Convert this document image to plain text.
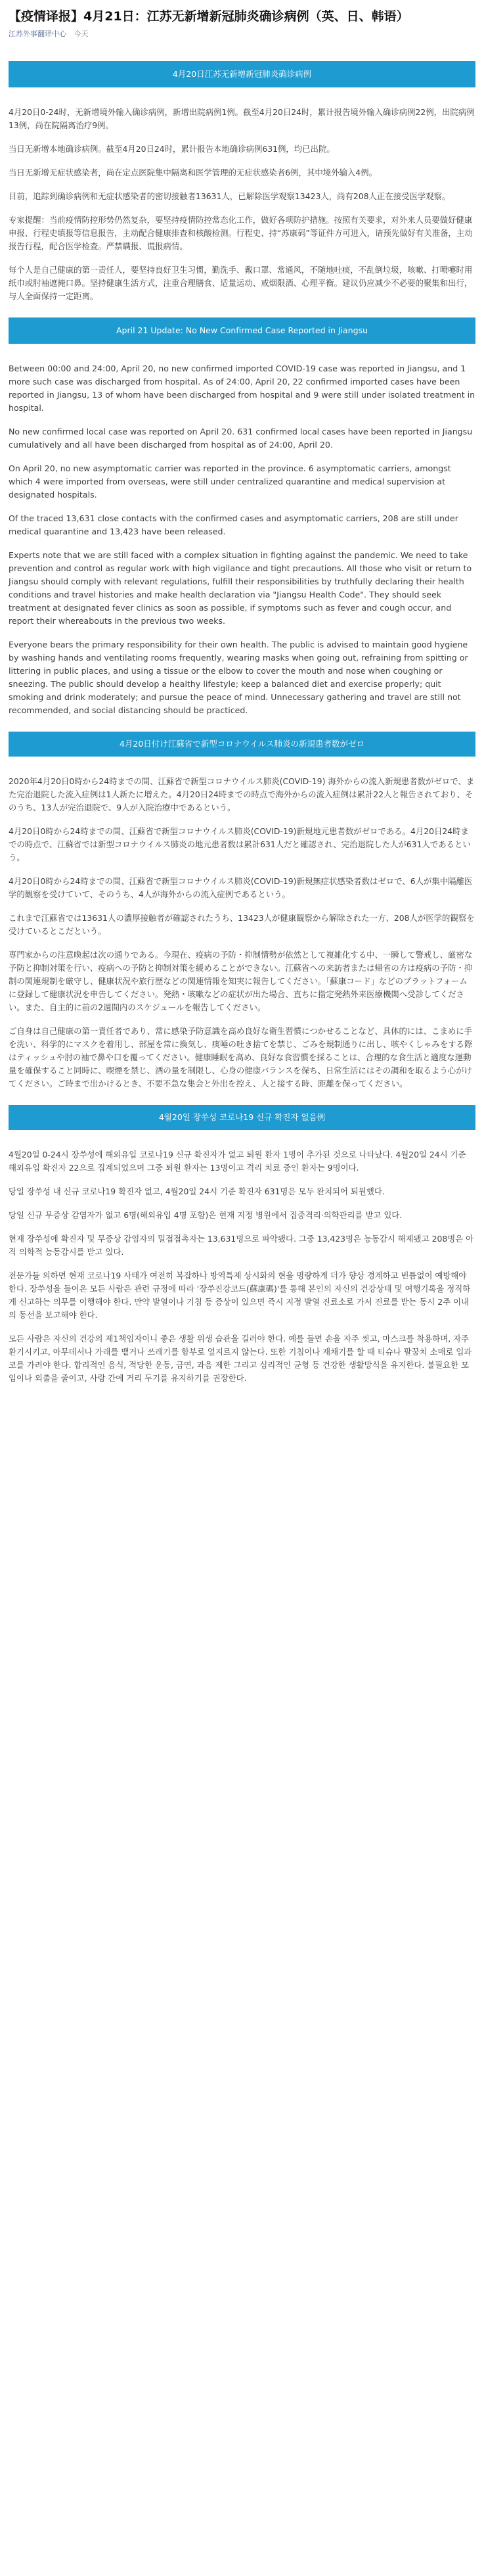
【疫情译报】4月21日：江苏无新增新冠肺炎确诊病例（英、日、韩语）
江苏外事翻译中心 今天
4月20日江苏无新增新冠肺炎确诊病例

4月20日0-24时，无新增境外输入确诊病例，新增出院病例1例。截至4月20日24时，累计报告境外输入确诊病例22例，出院病例13例，尚在院隔离治疗9例。

当日无新增本地确诊病例。截至4月20日24时，累计报告本地确诊病例631例，均已出院。

当日无新增无症状感染者，尚在定点医院集中隔离和医学管理的无症状感染者6例，其中境外输入4例。

目前，追踪到确诊病例和无症状感染者的密切接触者13631人，已解除医学观察13423人，尚有208人正在接受医学观察。

专家提醒：当前疫情防控形势仍然复杂，要坚持疫情防控常态化工作，做好各项防护措施。按照有关要求，对外来人员要做好健康申报、行程史填报等信息报告，主动配合健康排查和核酸检测。行程史、持“苏康码”等证件方可进入，请预先做好有关准备，主动报告行程，配合医学检查。严禁瞒报、谎报病情。

每个人是自己健康的第一责任人，要坚持良好卫生习惯，勤洗手、戴口罩、常通风，不随地吐痰，不乱倒垃圾，咳嗽、打喷嚏时用纸巾或肘袖遮掩口鼻。坚持健康生活方式，注重合理膳食、适量运动、戒烟限酒、心理平衡。建议仍应减少不必要的聚集和出行，与人全面保持一定距离。

April 21 Update: No New Confirmed Case Reported in Jiangsu

Between 00:00 and 24:00, April 20, no new confirmed imported COVID-19 case was reported in Jiangsu, and 1 more such case was discharged from hospital. As of 24:00, April 20, 22 confirmed imported cases have been reported in Jiangsu, 13 of whom have been discharged from hospital and 9 were still under isolated treatment in hospital.

No new confirmed local case was reported on April 20. 631 confirmed local cases have been reported in Jiangsu cumulatively and all have been discharged from hospital as of 24:00, April 20.

On April 20, no new asymptomatic carrier was reported in the province. 6 asymptomatic carriers, amongst which 4 were imported from overseas, were still under centralized quarantine and medical supervision at designated hospitals.

Of the traced 13,631 close contacts with the confirmed cases and asymptomatic carriers, 208 are still under medical quarantine and 13,423 have been released.

Experts note that we are still faced with a complex situation in fighting against the pandemic. We need to take prevention and control as regular work with high vigilance and tight precautions. All those who visit or return to Jiangsu should comply with relevant regulations, fulfill their responsibilities by truthfully declaring their health conditions and travel histories and make health declaration via "Jiangsu Health Code". They should seek treatment at designated fever clinics as soon as possible, if symptoms such as fever and cough occur, and report their whereabouts in the previous two weeks.

Everyone bears the primary responsibility for their own health. The public is advised to maintain good hygiene by washing hands and ventilating rooms frequently, wearing masks when going out, refraining from spitting or littering in public places, and using a tissue or the elbow to cover the mouth and nose when coughing or sneezing. The public should develop a healthy lifestyle; keep a balanced diet and exercise properly; quit smoking and drink moderately; and pursue the peace of mind. Unnecessary gathering and travel are still not recommended, and social distancing should be practiced.

4月20日付け江蘇省で新型コロナウイルス肺炎の新規患者数がゼロ

2020年4月20日0時から24時までの間、江蘇省で新型コロナウイルス肺炎(COVID-19) 海外からの流入新規患者数がゼロで、また完治退院した流入症例は1人新たに増えた。4月20日24時までの時点で海外からの流入症例は累計22人と報告されており、そのうち、13人が完治退院で、9人が入院治療中であるという。

4月20日0時から24時までの間、江蘇省で新型コロナウイルス肺炎(COVID-19)新規地元患者数がゼロである。4月20日24時までの時点で、江蘇省では新型コロナウイルス肺炎の地元患者数は累計631人だと確認され、完治退院した人が631人であるという。

4月20日0時から24時までの間、江蘇省で新型コロナウイルス肺炎(COVID-19)新規無症状感染者数はゼロで、6人が集中隔離医学的観察を受けていて、そのうち、4人が海外からの流入症例であるという。

これまで江蘇省では13631人の濃厚接触者が確認されたうち、13423人が健康観察から解除された一方、208人が医学的観察を受けているとこだという。

専門家からの注意喚起は次の通りである。今現在、疫病の予防・抑制情勢が依然として複雑化する中、一瞬して警戒し、厳密な予防と抑制対策を行い、疫病への予防と抑制対策を緩めることができない。江蘇省への来訪者または帰省の方は疫病の予防・抑制の関連規制を厳守し、健康状況や旅行歴などの関連情報を知実に報告してください。「蘇康コード」などのプラットフォームに登録して健康状況を申告してください。発熱・咳嗽などの症状が出た場合、直ちに指定発熱外来医療機関へ受診してください。また、自主的に前の2週間内のスケジュールを報告してください。

ご自身は自己健康の第一責任者であり、常に感染予防意識を高め良好な衛生習慣につかせることなど、具体的には、こまめに手を洗い、科学的にマスクを着用し、部屋を常に換気し、痰唾の吐き捨てを禁じ、ごみを規制通りに出し、咳やくしゃみをする際はティッシュや肘の袖で鼻や口を覆ってください。健康睡眠を高め、良好な食習慣を採ることは、合理的な食生活と適度な運動量を確保すること同時に、喫煙を禁じ、酒の量を制限し、心身の健康バランスを保ち、日常生活にはその調和を取るよう心がけてください。ご時まで出かけるとき、不要不急な集会と外出を控え、人と接する時、距離を保ってください。

4월20일 장쑤성 코로나19 신규 확진자 없음例

4월20일 0-24시 장쑤성에 해외유입 코로나19 신규 확진자가 없고 퇴원 환자 1명이 추가된 것으로 나타났다. 4월20일 24시 기준 해외유입 확진자 22으로 집계되었으며 그중 퇴원 환자는 13명이고 격리 치료 중인 환자는 9명이다.

당일 장쑤성 내 신규 코로나19 확진자 없고, 4월20일 24시 기준 확진자 631명은 모두 완치되어 퇴원했다.

당일 신규 무증상 감염자가 없고 6명(해외유입 4명 포함)은 현재 지정 병원에서 집중격리·의학관리를 받고 있다.

현재 장쑤성에 확진자 및 무증상 감염자의 밀접접촉자는 13,631명으로 파악됐다. 그중 13,423명은 능동감시 해제됐고 208명은 아직 의학적 능동감시를 받고 있다.

전문가들 의하면 현재 코로나19 사태가 여전히 복잡하나 방역특제 상시화의 현을 명량하게 더가 향상 경계하고 빈틈없이 예방해야 한다. 장쑤성을 들어온 모든 사람은 관련 규정에 따라 '장쑤진강코드(蘇康碼)'를 통해 본인의 자신의 건강상태 및 여행기록을 정직하게 신고하는 의무를 이행해야 한다. 만약 발열이나 기침 등 증상이 있으면 즉시 지정 발열 진료소로 가서 진료를 받는 동시 2주 이내의 동선을 보고해야 한다.

모든 사람은 자신의 건강의 제1책임자이니 좋은 생활 위생 습관을 길러야 한다. 예를 들면 손을 자주 씻고, 마스크를 착용하며, 자주 환기시키고, 아무데서나 가래를 뱉거나 쓰레기를 함부로 엎지르지 않는다. 또한 기침이나 재채기를 할 때 티슈나 팔꿈치 소매로 입과 코를 가려야 한다. 합리적인 음식, 적당한 운동, 금연, 과음 제한 그리고 심리적인 균형 등 건강한 생활방식을 유지한다. 불필요한 모임이나 외출을 줄이고, 사람 간에 거리 두기를 유지하기를 권장한다.
